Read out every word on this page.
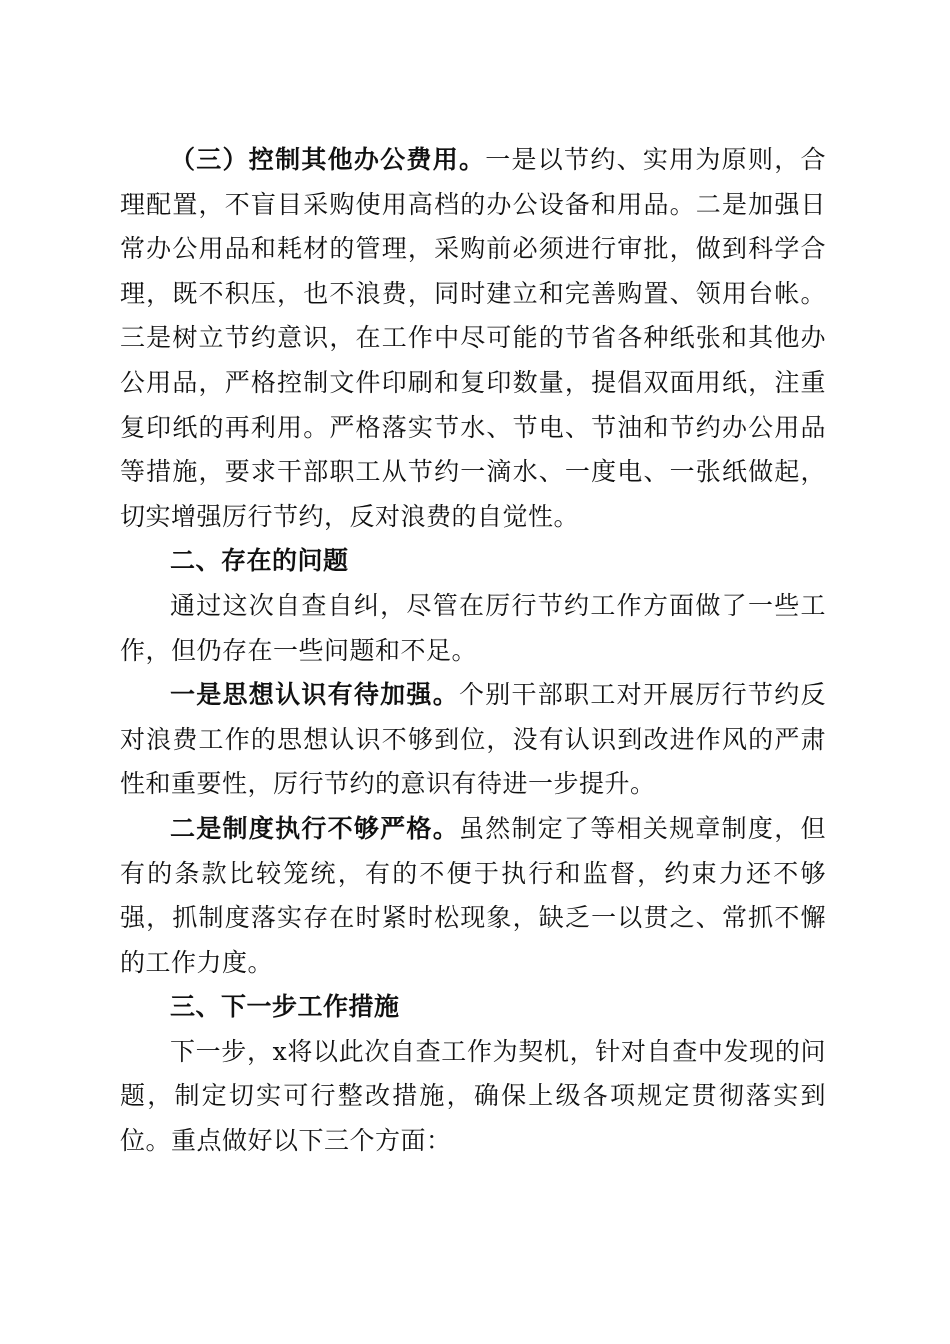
（三）控制其他办公费用。一是以节约、实用为原则，合理配置，不盲目采购使用高档的办公设备和用品。二是加强日常办公用品和耗材的管理，采购前必须进行审批，做到科学合理，既不积压，也不浪费，同时建立和完善购置、领用台帐。三是树立节约意识，在工作中尽可能的节省各种纸张和其他办公用品，严格控制文件印刷和复印数量，提倡双面用纸，注重复印纸的再利用。严格落实节水、节电、节油和节约办公用品等措施，要求干部职工从节约一滴水、一度电、一张纸做起，切实增强厉行节约，反对浪费的自觉性。

二、存在的问题

通过这次自查自纠，尽管在厉行节约工作方面做了一些工作，但仍存在一些问题和不足。

一是思想认识有待加强。个别干部职工对开展厉行节约反对浪费工作的思想认识不够到位，没有认识到改进作风的严肃性和重要性，厉行节约的意识有待进一步提升。

二是制度执行不够严格。虽然制定了等相关规章制度，但有的条款比较笼统，有的不便于执行和监督，约束力还不够强，抓制度落实存在时紧时松现象，缺乏一以贯之、常抓不懈的工作力度。

三、下一步工作措施

下一步，x将以此次自查工作为契机，针对自查中发现的问题，制定切实可行整改措施，确保上级各项规定贯彻落实到位。重点做好以下三个方面：
